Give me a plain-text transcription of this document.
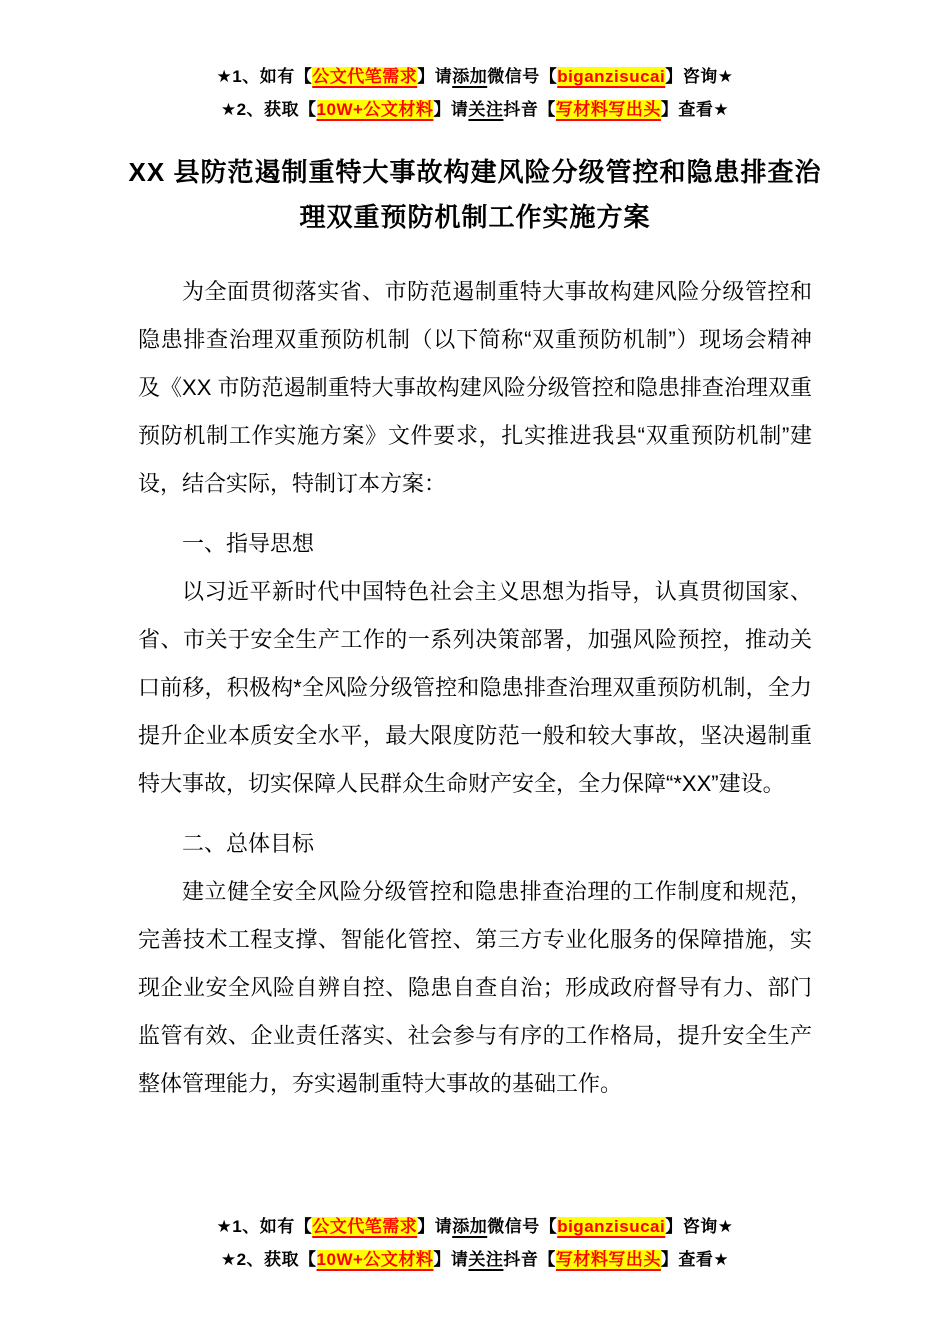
★1、如有【公文代笔需求】请添加微信号【biganzisucai】咨询★
★2、获取【10W+公文材料】请关注抖音【写材料写出头】查看★
XX 县防范遏制重特大事故构建风险分级管控和隐患排查治
理双重预防机制工作实施方案

为全面贯彻落实省、市防范遏制重特大事故构建风险分级管控和隐患排查治理双重预防机制（以下简称“双重预防机制”）现场会精神及《XX 市防范遏制重特大事故构建风险分级管控和隐患排查治理双重预防机制工作实施方案》文件要求，扎实推进我县“双重预防机制”建设，结合实际，特制订本方案：

一、指导思想

以习近平新时代中国特色社会主义思想为指导，认真贯彻国家、省、市关于安全生产工作的一系列决策部署，加强风险预控，推动关口前移，积极构*全风险分级管控和隐患排查治理双重预防机制，全力提升企业本质安全水平，最大限度防范一般和较大事故，坚决遏制重特大事故，切实保障人民群众生命财产安全，全力保障“*XX”建设。

二、总体目标

建立健全安全风险分级管控和隐患排查治理的工作制度和规范，完善技术工程支撑、智能化管控、第三方专业化服务的保障措施，实现企业安全风险自辨自控、隐患自查自治；形成政府督导有力、部门监管有效、企业责任落实、社会参与有序的工作格局，提升安全生产整体管理能力，夯实遏制重特大事故的基础工作。

★1、如有【公文代笔需求】请添加微信号【biganzisucai】咨询★
★2、获取【10W+公文材料】请关注抖音【写材料写出头】查看★
